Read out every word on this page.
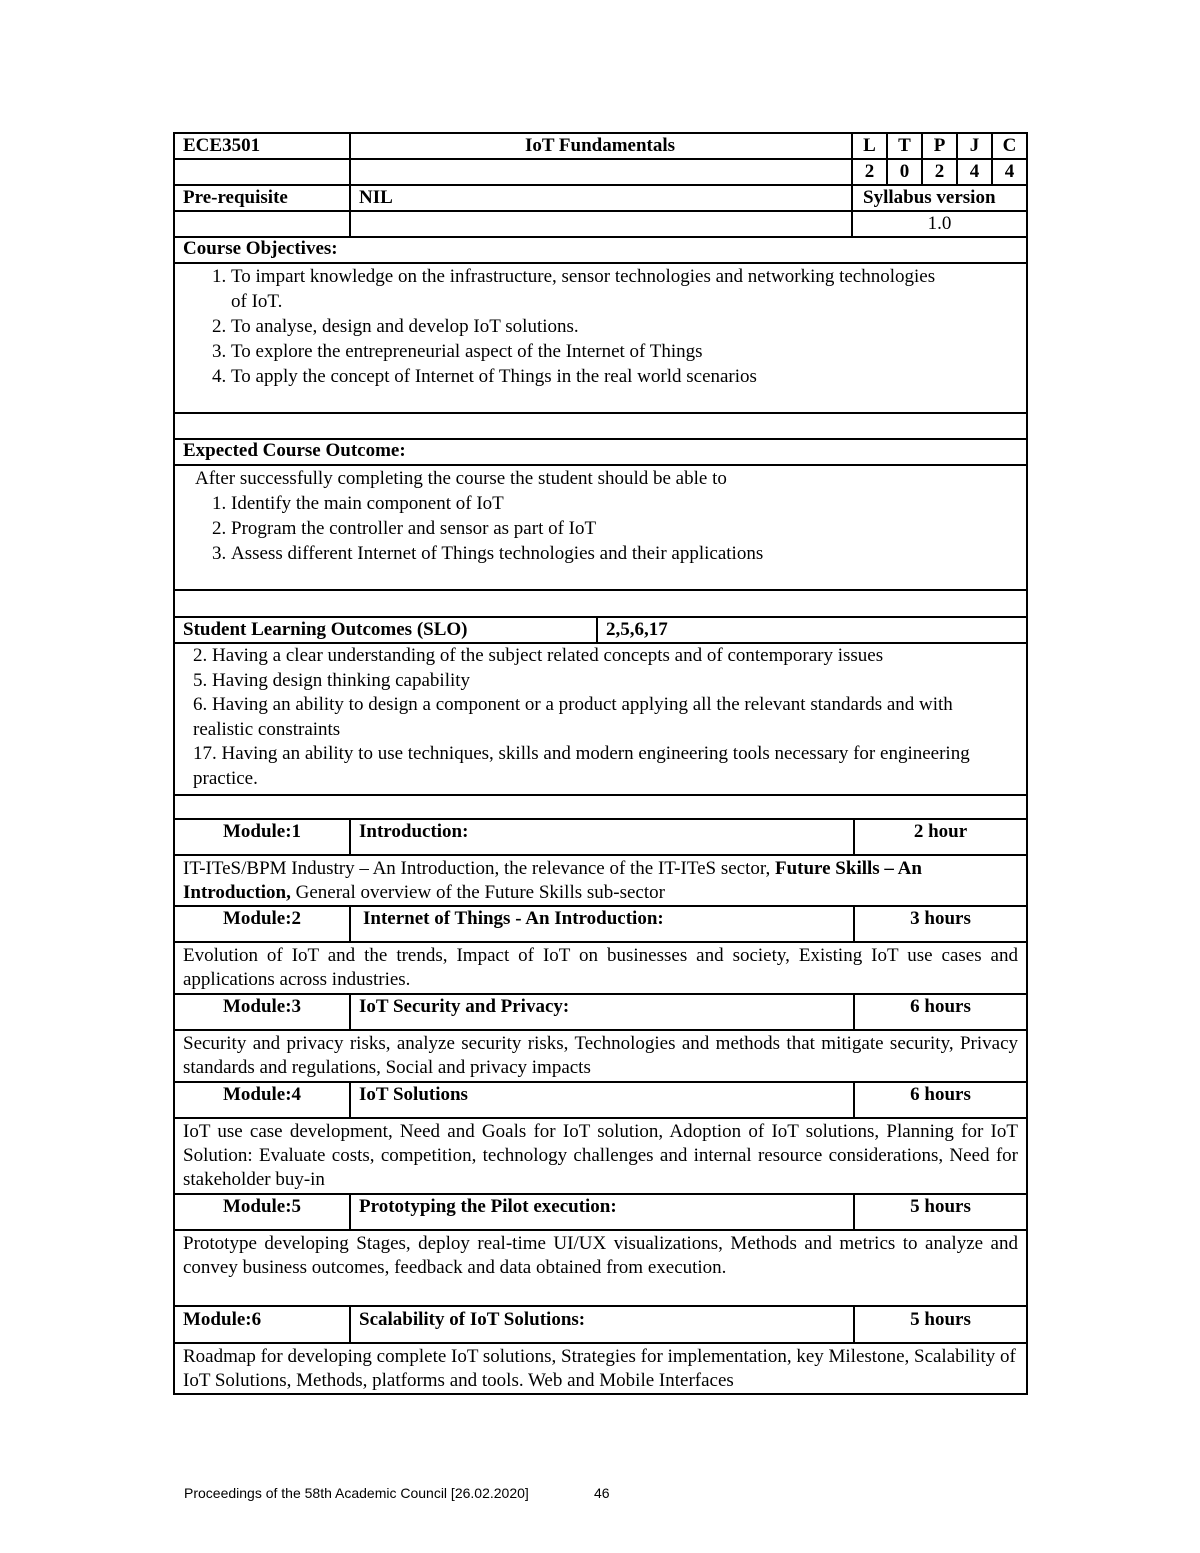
ECE3501	IoT Fundamentals	L	T	P	J	C
2	0	2	4	4
Pre-requisite	NIL	Syllabus version
1.0
Course Objectives:
1. To impart knowledge on the infrastructure, sensor technologies and networking technologies of IoT.
2. To analyse, design and develop IoT solutions.
3. To explore the entrepreneurial aspect of the Internet of Things
4. To apply the concept of Internet of Things in the real world scenarios
Expected Course Outcome:
After successfully completing the course the student should be able to
1. Identify the main component of IoT
2. Program the controller and sensor as part of IoT
3. Assess different Internet of Things technologies and their applications
Student Learning Outcomes (SLO)	2,5,6,17
2. Having a clear understanding of the subject related concepts and of contemporary issues
5. Having design thinking capability
6. Having an ability to design a component or a product applying all the relevant standards and with realistic constraints
17. Having an ability to use techniques, skills and modern engineering tools necessary for engineering practice.
Module:1	Introduction:	2 hour
IT-ITeS/BPM Industry – An Introduction, the relevance of the IT-ITeS sector, Future Skills – An Introduction, General overview of the Future Skills sub-sector
Module:2	Internet of Things - An Introduction:	3 hours
Evolution of IoT and the trends, Impact of IoT on businesses and society, Existing IoT use cases and applications across industries.
Module:3	IoT Security and Privacy:	6 hours
Security and privacy risks, analyze security risks, Technologies and methods that mitigate security, Privacy standards and regulations, Social and privacy impacts
Module:4	IoT Solutions	6 hours
IoT use case development, Need and Goals for IoT solution, Adoption of IoT solutions, Planning for IoT Solution: Evaluate costs, competition, technology challenges and internal resource considerations, Need for stakeholder buy-in
Module:5	Prototyping the Pilot execution:	5 hours
Prototype developing Stages, deploy real-time UI/UX visualizations, Methods and metrics to analyze and convey business outcomes, feedback and data obtained from execution.
Module:6	Scalability of IoT Solutions:	5 hours
Roadmap for developing complete IoT solutions, Strategies for implementation, key Milestone, Scalability of IoT Solutions, Methods, platforms and tools. Web and Mobile Interfaces
Proceedings of the 58th Academic Council [26.02.2020]	46
